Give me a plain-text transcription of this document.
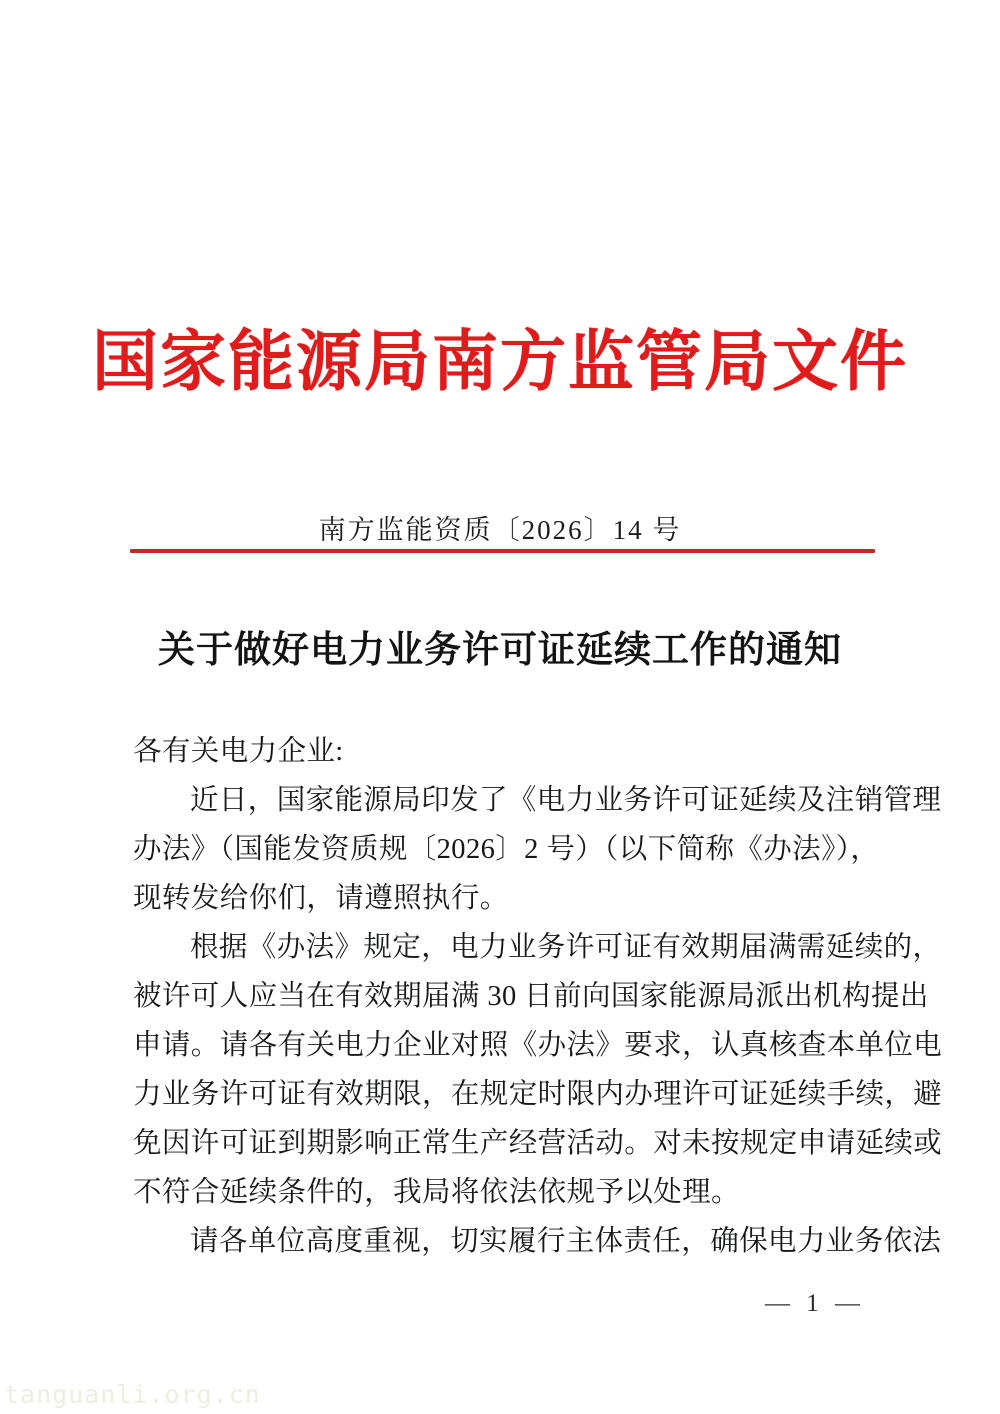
国家能源局南方监管局文件
南方监能资质〔2026〕14 号
关于做好电力业务许可证延续工作的通知
各有关电力企业:
近日，国家能源局印发了《电力业务许可证延续及注销管理
办法》（国能发资质规〔2026〕2 号）（以下简称《办法》），
现转发给你们，请遵照执行。
根据《办法》规定，电力业务许可证有效期届满需延续的，
被许可人应当在有效期届满 30 日前向国家能源局派出机构提出
申请。请各有关电力企业对照《办法》要求，认真核查本单位电
力业务许可证有效期限，在规定时限内办理许可证延续手续，避
免因许可证到期影响正常生产经营活动。对未按规定申请延续或
不符合延续条件的，我局将依法依规予以处理。
请各单位高度重视，切实履行主体责任，确保电力业务依法
— 1 —
tanguanli.org.cn
